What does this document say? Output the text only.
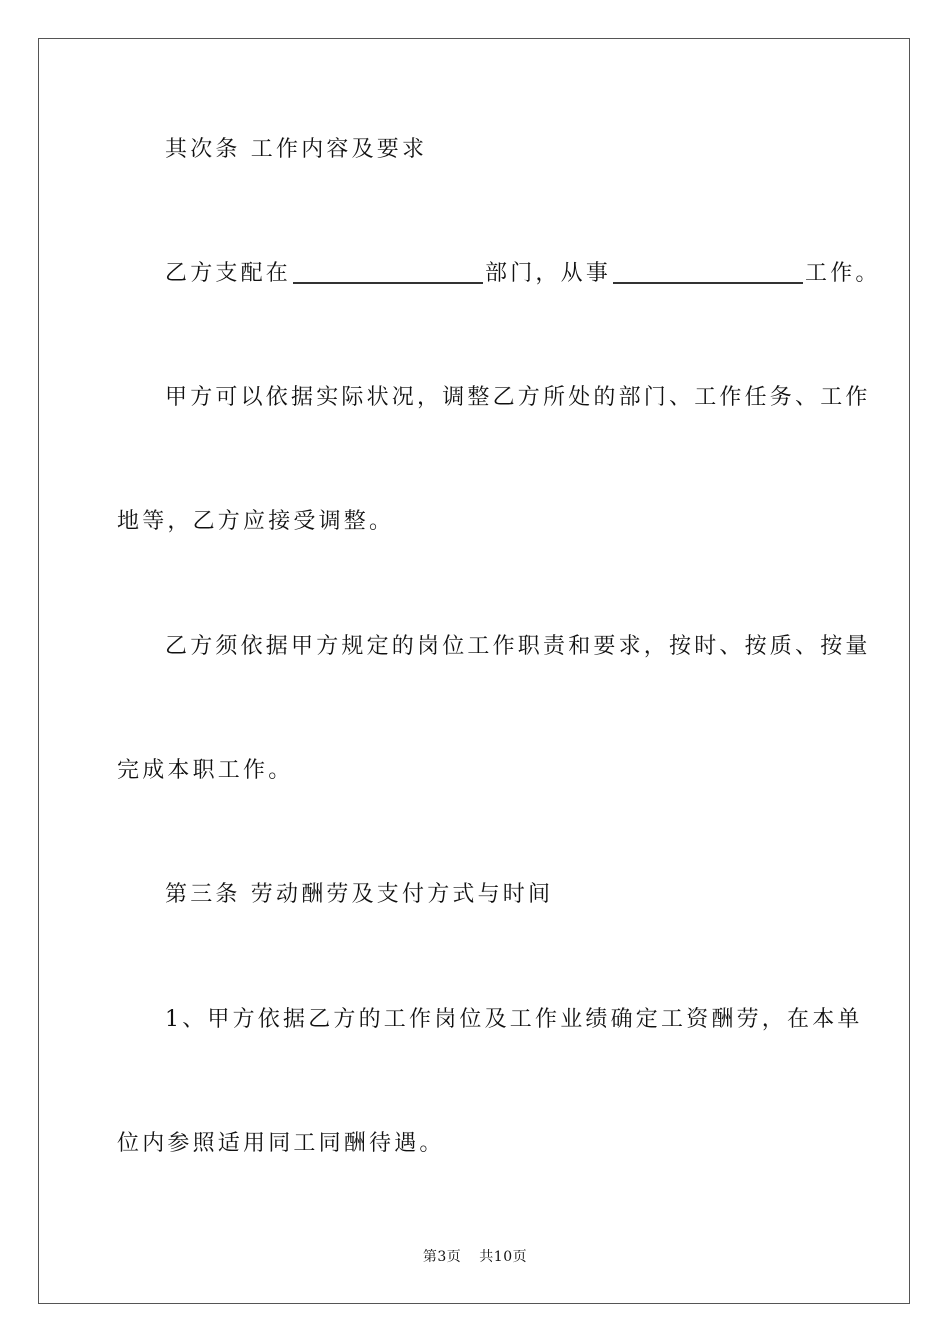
其次条 工作内容及要求
乙方支配在	部门，从事	工作。
甲方可以依据实际状况，调整乙方所处的部门、工作任务、工作
地等，乙方应接受调整。
乙方须依据甲方规定的岗位工作职责和要求，按时、按质、按量
完成本职工作。
第三条 劳动酬劳及支付方式与时间
1、甲方依据乙方的工作岗位及工作业绩确定工资酬劳，在本单
位内参照适用同工同酬待遇。
第3页 共10页
